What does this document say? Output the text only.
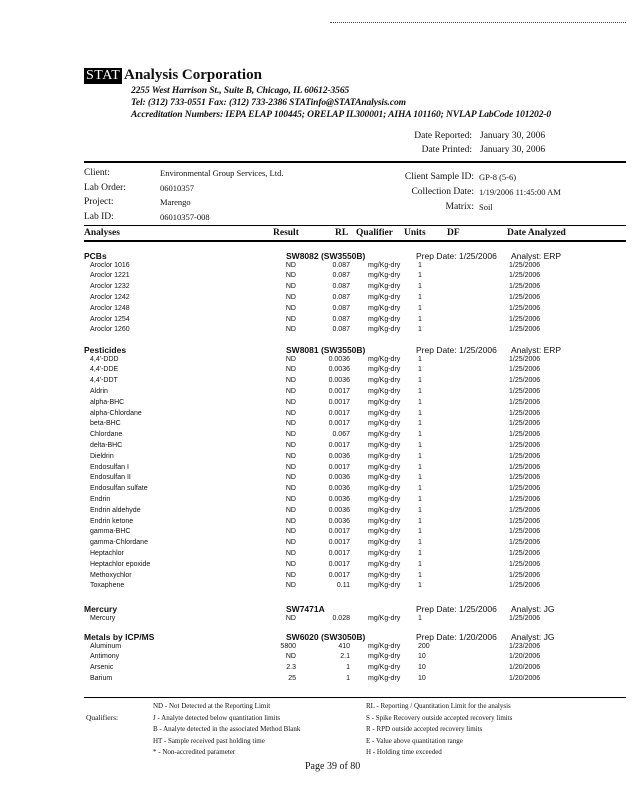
STAT Analysis Corporation
2255 West Harrison St., Suite B, Chicago, IL 60612-3565
Tel: (312) 733-0551 Fax: (312) 733-2386 STATinfo@STATAnalysis.com
Accreditation Numbers: IEPA ELAP 100445; ORELAP IL300001; AIHA 101160; NVLAP LabCode 101202-0
Date Reported: January 30, 2006
Date Printed: January 30, 2006
Client:	Environmental Group Services, Ltd.
Lab Order:	06010357
Project:	Marengo
Lab ID:	06010357-008
Client Sample ID: GP-8 (5-6)
Collection Date: 1/19/2006 11:45:00 AM
Matrix: Soil
Analyses	Result	RL Qualifier Units DF	Date Analyzed
PCBs	SW8082 (SW3550B)	Prep Date: 1/25/2006 Analyst: ERP
Aroclor 1016	ND	0.087	mg/Kg-dry	1	1/25/2006
Aroclor 1221	ND	0.087	mg/Kg-dry	1	1/25/2006
Aroclor 1232	ND	0.087	mg/Kg-dry	1	1/25/2006
Aroclor 1242	ND	0.087	mg/Kg-dry	1	1/25/2006
Aroclor 1248	ND	0.087	mg/Kg-dry	1	1/25/2006
Aroclor 1254	ND	0.087	mg/Kg-dry	1	1/25/2006
Aroclor 1260	ND	0.087	mg/Kg-dry	1	1/25/2006
Pesticides	SW8081 (SW3550B)	Prep Date: 1/25/2006 Analyst: ERP
4,4'-DDD	ND	0.0036	mg/Kg-dry	1	1/25/2006
4,4'-DDE	ND	0.0036	mg/Kg-dry	1	1/25/2006
4,4'-DDT	ND	0.0036	mg/Kg-dry	1	1/25/2006
Aldrin	ND	0.0017	mg/Kg-dry	1	1/25/2006
alpha-BHC	ND	0.0017	mg/Kg-dry	1	1/25/2006
alpha-Chlordane	ND	0.0017	mg/Kg-dry	1	1/25/2006
beta-BHC	ND	0.0017	mg/Kg-dry	1	1/25/2006
Chlordane	ND	0.067	mg/Kg-dry	1	1/25/2006
delta-BHC	ND	0.0017	mg/Kg-dry	1	1/25/2006
Dieldrin	ND	0.0036	mg/Kg-dry	1	1/25/2006
Endosulfan I	ND	0.0017	mg/Kg-dry	1	1/25/2006
Endosulfan II	ND	0.0036	mg/Kg-dry	1	1/25/2006
Endosulfan sulfate	ND	0.0036	mg/Kg-dry	1	1/25/2006
Endrin	ND	0.0036	mg/Kg-dry	1	1/25/2006
Endrin aldehyde	ND	0.0036	mg/Kg-dry	1	1/25/2006
Endrin ketone	ND	0.0036	mg/Kg-dry	1	1/25/2006
gamma-BHC	ND	0.0017	mg/Kg-dry	1	1/25/2006
gamma-Chlordane	ND	0.0017	mg/Kg-dry	1	1/25/2006
Heptachlor	ND	0.0017	mg/Kg-dry	1	1/25/2006
Heptachlor epoxide	ND	0.0017	mg/Kg-dry	1	1/25/2006
Methoxychlor	ND	0.0017	mg/Kg-dry	1	1/25/2006
Toxaphene	ND	0.11	mg/Kg-dry	1	1/25/2006
Mercury	SW7471A	Prep Date: 1/25/2006 Analyst: JG
Mercury	ND	0.028	mg/Kg-dry	1	1/25/2006
Metals by ICP/MS	SW6020 (SW3050B)	Prep Date: 1/20/2006 Analyst: JG
Aluminum	5800	410	mg/Kg-dry	200	1/23/2006
Antimony	ND	2.1	mg/Kg-dry	10	1/20/2006
Arsenic	2.3	1	mg/Kg-dry	10	1/20/2006
Barium	25	1	mg/Kg-dry	10	1/20/2006
Qualifiers:
ND - Not Detected at the Reporting Limit
J - Analyte detected below quantitation limits
B - Analyte detected in the associated Method Blank
HT - Sample received past holding time
* - Non-accredited parameter
RL - Reporting / Quantitation Limit for the analysis
S - Spike Recovery outside accepted recovery limits
R - RPD outside accepted recovery limits
E - Value above quantitation range
H - Holding time exceeded
Page 39 of 80
